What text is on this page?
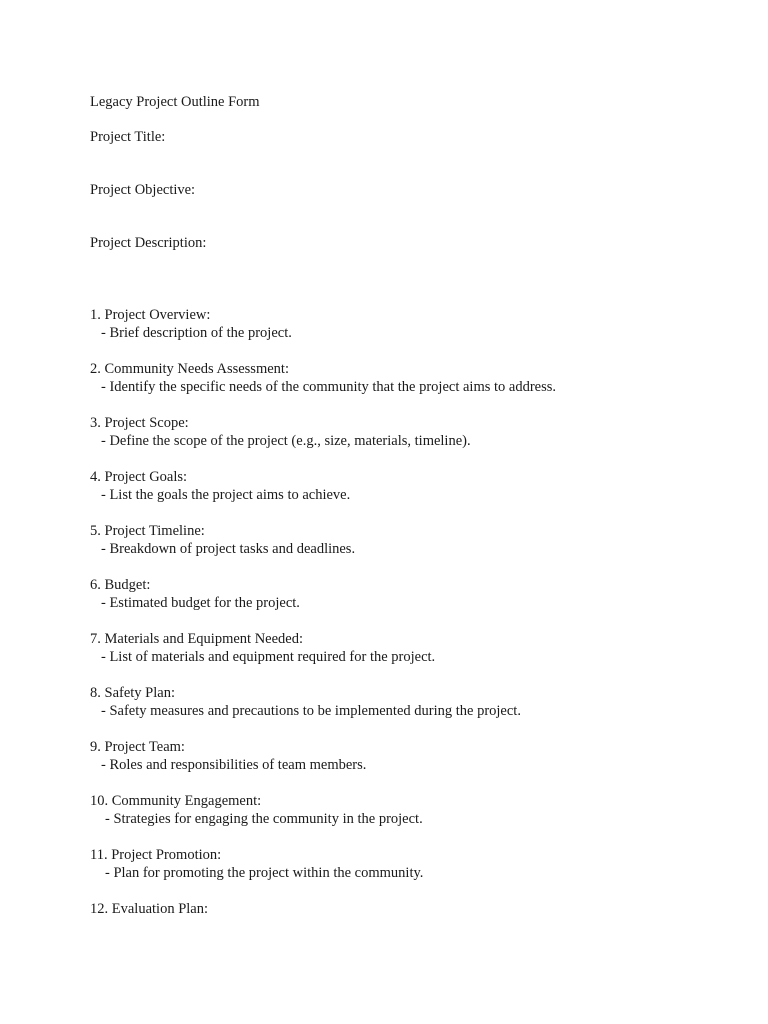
Legacy Project Outline Form
Project Title:
Project Objective:
Project Description:
1. Project Overview:
- Brief description of the project.
2. Community Needs Assessment:
- Identify the specific needs of the community that the project aims to address.
3. Project Scope:
- Define the scope of the project (e.g., size, materials, timeline).
4. Project Goals:
- List the goals the project aims to achieve.
5. Project Timeline:
- Breakdown of project tasks and deadlines.
6. Budget:
- Estimated budget for the project.
7. Materials and Equipment Needed:
- List of materials and equipment required for the project.
8. Safety Plan:
- Safety measures and precautions to be implemented during the project.
9. Project Team:
- Roles and responsibilities of team members.
10. Community Engagement:
- Strategies for engaging the community in the project.
11. Project Promotion:
- Plan for promoting the project within the community.
12. Evaluation Plan:
